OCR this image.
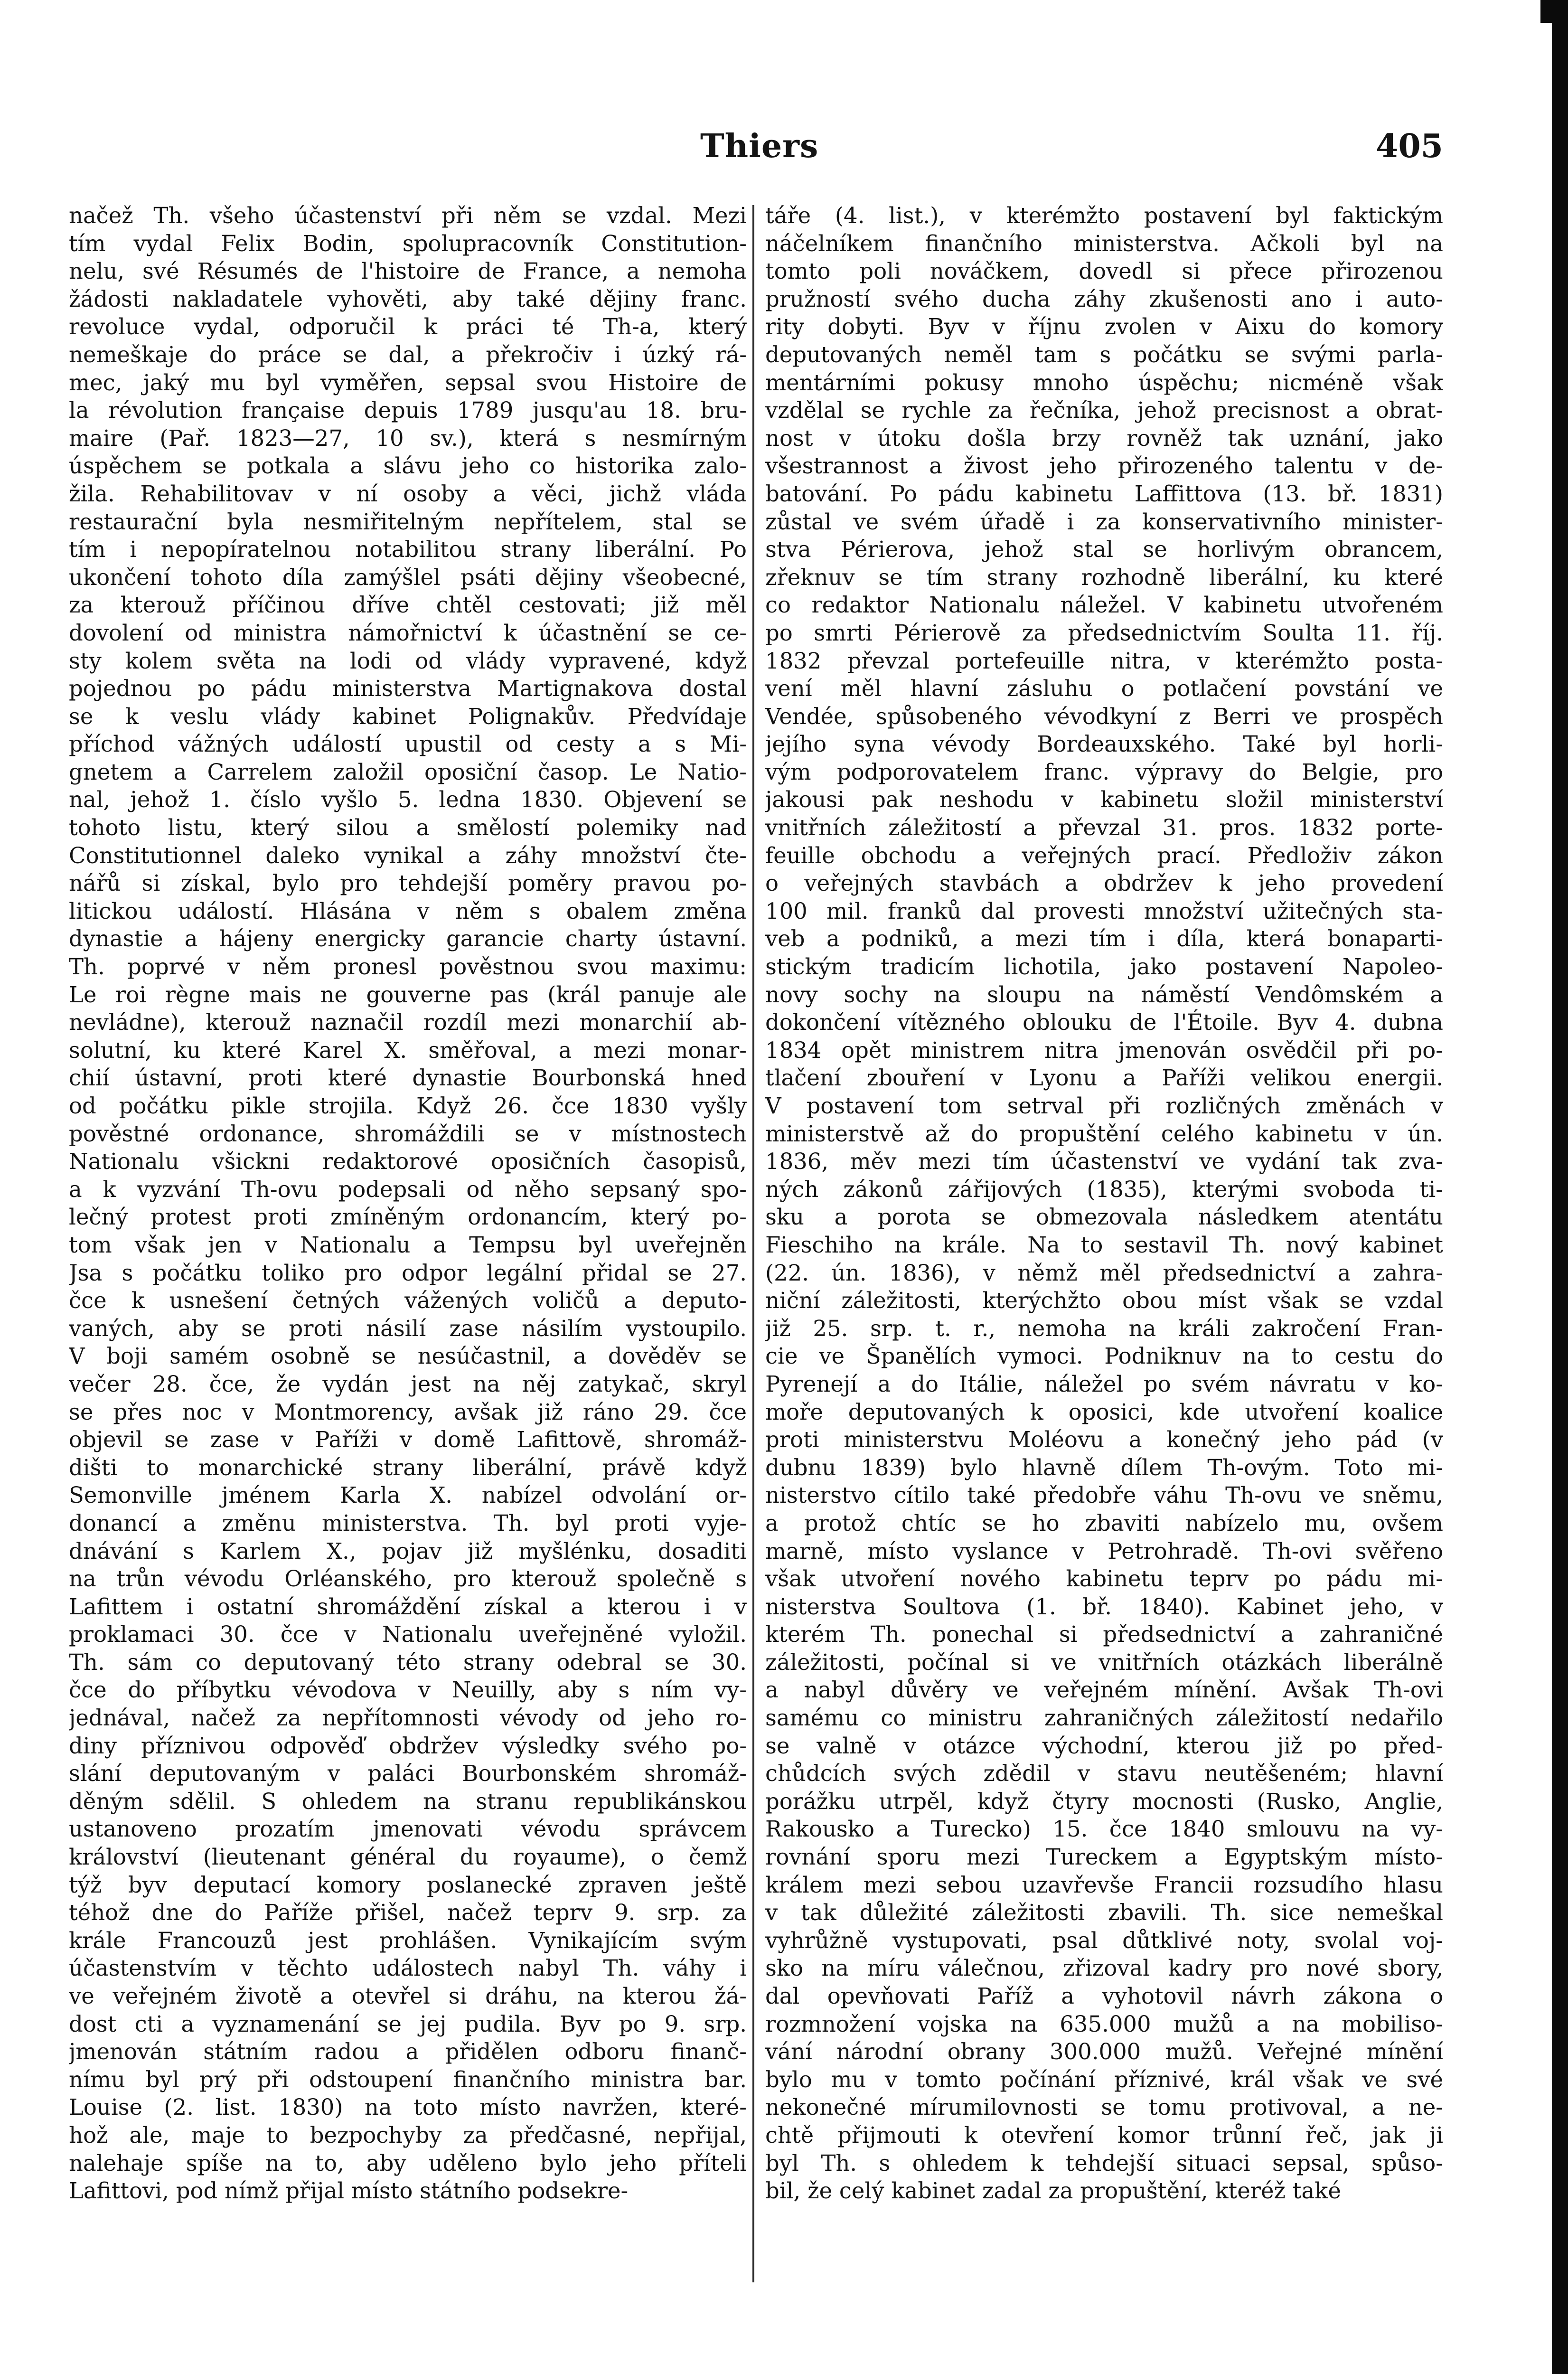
Thiers	405
načež Th. všeho účastenství při něm se vzdal. Mezi
tím vydal Felix Bodin, spolupracovník Constitution-
nelu, své Résumés de l'histoire de France, a nemoha
žádosti nakladatele vyhověti, aby také dějiny franc.
revoluce vydal, odporučil k práci té Th-a, který
nemeškaje do práce se dal, a překročiv i úzký rá-
mec, jaký mu byl vyměřen, sepsal svou Histoire de
la révolution française depuis 1789 jusqu'au 18. bru-
maire (Pař. 1823—27, 10 sv.), která s nesmírným
úspěchem se potkala a slávu jeho co historika zalo-
žila. Rehabilitovav v ní osoby a věci, jichž vláda
restaurační byla nesmiřitelným nepřítelem, stal se
tím i nepopíratelnou notabilitou strany liberální. Po
ukončení tohoto díla zamýšlel psáti dějiny všeobecné,
za kterouž příčinou dříve chtěl cestovati; již měl
dovolení od ministra námořnictví k účastnění se ce-
sty kolem světa na lodi od vlády vypravené, když
pojednou po pádu ministerstva Martignakova dostal
se k veslu vlády kabinet Polignakův. Předvídaje
příchod vážných událostí upustil od cesty a s Mi-
gnetem a Carrelem založil oposiční časop. Le Natio-
nal, jehož 1. číslo vyšlo 5. ledna 1830. Objevení se
tohoto listu, který silou a smělostí polemiky nad
Constitutionnel daleko vynikal a záhy množství čte-
nářů si získal, bylo pro tehdejší poměry pravou po-
litickou událostí. Hlásána v něm s obalem změna
dynastie a hájeny energicky garancie charty ústavní.
Th. poprvé v něm pronesl pověstnou svou maximu:
Le roi règne mais ne gouverne pas (král panuje ale
nevládne), kterouž naznačil rozdíl mezi monarchií ab-
solutní, ku které Karel X. směřoval, a mezi monar-
chií ústavní, proti které dynastie Bourbonská hned
od počátku pikle strojila. Když 26. čce 1830 vyšly
pověstné ordonance, shromáždili se v místnostech
Nationalu všickni redaktorové oposičních časopisů,
a k vyzvání Th-ovu podepsali od něho sepsaný spo-
lečný protest proti zmíněným ordonancím, který po-
tom však jen v Nationalu a Tempsu byl uveřejněn
Jsa s počátku toliko pro odpor legální přidal se 27.
čce k usnešení četných vážených voličů a deputo-
vaných, aby se proti násilí zase násilím vystoupilo.
V boji samém osobně se nesúčastnil, a dověděv se
večer 28. čce, že vydán jest na něj zatykač, skryl
se přes noc v Montmorency, avšak již ráno 29. čce
objevil se zase v Paříži v domě Lafittově, shromáž-
dišti to monarchické strany liberální, právě když
Semonville jménem Karla X. nabízel odvolání or-
donancí a změnu ministerstva. Th. byl proti vyje-
dnávání s Karlem X., pojav již myšlénku, dosaditi
na trůn vévodu Orléanského, pro kterouž společně s
Lafittem i ostatní shromáždění získal a kterou i v
proklamaci 30. čce v Nationalu uveřejněné vyložil.
Th. sám co deputovaný této strany odebral se 30.
čce do příbytku vévodova v Neuilly, aby s ním vy-
jednával, načež za nepřítomnosti vévody od jeho ro-
diny příznivou odpověď obdržev výsledky svého po-
slání deputovaným v paláci Bourbonském shromáž-
děným sdělil. S ohledem na stranu republikánskou
ustanoveno prozatím jmenovati vévodu správcem
království (lieutenant général du royaume), o čemž
týž byv deputací komory poslanecké zpraven ještě
téhož dne do Paříže přišel, načež teprv 9. srp. za
krále Francouzů jest prohlášen. Vynikajícím svým
účastenstvím v těchto událostech nabyl Th. váhy i
ve veřejném životě a otevřel si dráhu, na kterou žá-
dost cti a vyznamenání se jej pudila. Byv po 9. srp.
jmenován státním radou a přidělen odboru finanč-
nímu byl prý při odstoupení finančního ministra bar.
Louise (2. list. 1830) na toto místo navržen, které-
hož ale, maje to bezpochyby za předčasné, nepřijal,
nalehaje spíše na to, aby uděleno bylo jeho příteli
Lafittovi, pod nímž přijal místo státního podsekre-
táře (4. list.), v kterémžto postavení byl faktickým
náčelníkem finančního ministerstva. Ačkoli byl na
tomto poli nováčkem, dovedl si přece přirozenou
pružností svého ducha záhy zkušenosti ano i auto-
rity dobyti. Byv v říjnu zvolen v Aixu do komory
deputovaných neměl tam s počátku se svými parla-
mentárními pokusy mnoho úspěchu; nicméně však
vzdělal se rychle za řečníka, jehož precisnost a obrat-
nost v útoku došla brzy rovněž tak uznání, jako
všestrannost a živost jeho přirozeného talentu v de-
batování. Po pádu kabinetu Laffittova (13. bř. 1831)
zůstal ve svém úřadě i za konservativního minister-
stva Périerova, jehož stal se horlivým obrancem,
zřeknuv se tím strany rozhodně liberální, ku které
co redaktor Nationalu náležel. V kabinetu utvořeném
po smrti Périerově za předsednictvím Soulta 11. říj.
1832 převzal portefeuille nitra, v kterémžto posta-
vení měl hlavní zásluhu o potlačení povstání ve
Vendée, spůsobeného vévodkyní z Berri ve prospěch
jejího syna vévody Bordeauxského. Také byl horli-
vým podporovatelem franc. výpravy do Belgie, pro
jakousi pak neshodu v kabinetu složil ministerství
vnitřních záležitostí a převzal 31. pros. 1832 porte-
feuille obchodu a veřejných prací. Předloživ zákon
o veřejných stavbách a obdržev k jeho provedení
100 mil. franků dal provesti množství užitečných sta-
veb a podniků, a mezi tím i díla, která bonaparti-
stickým tradicím lichotila, jako postavení Napoleo-
novy sochy na sloupu na náměstí Vendômském a
dokončení vítězného oblouku de l'Étoile. Byv 4. dubna
1834 opět ministrem nitra jmenován osvědčil při po-
tlačení zbouření v Lyonu a Paříži velikou energii.
V postavení tom setrval při rozličných změnách v
ministerstvě až do propuštění celého kabinetu v ún.
1836, měv mezi tím účastenství ve vydání tak zva-
ných zákonů zářijových (1835), kterými svoboda ti-
sku a porota se obmezovala následkem atentátu
Fieschiho na krále. Na to sestavil Th. nový kabinet
(22. ún. 1836), v němž měl předsednictví a zahra-
niční záležitosti, kterýchžto obou míst však se vzdal
již 25. srp. t. r., nemoha na králi zakročení Fran-
cie ve Španělích vymoci. Podniknuv na to cestu do
Pyrenejí a do Itálie, náležel po svém návratu v ko-
moře deputovaných k oposici, kde utvoření koalice
proti ministerstvu Moléovu a konečný jeho pád (v
dubnu 1839) bylo hlavně dílem Th-ovým. Toto mi-
nisterstvo cítilo také předobře váhu Th-ovu ve sněmu,
a protož chtíc se ho zbaviti nabízelo mu, ovšem
marně, místo vyslance v Petrohradě. Th-ovi svěřeno
však utvoření nového kabinetu teprv po pádu mi-
nisterstva Soultova (1. bř. 1840). Kabinet jeho, v
kterém Th. ponechal si předsednictví a zahraničné
záležitosti, počínal si ve vnitřních otázkách liberálně
a nabyl důvěry ve veřejném mínění. Avšak Th-ovi
samému co ministru zahraničných záležitostí nedařilo
se valně v otázce východní, kterou již po před-
chůdcích svých zdědil v stavu neutěšeném; hlavní
porážku utrpěl, když čtyry mocnosti (Rusko, Anglie,
Rakousko a Turecko) 15. čce 1840 smlouvu na vy-
rovnání sporu mezi Tureckem a Egyptským místo-
králem mezi sebou uzavřevše Francii rozsudího hlasu
v tak důležité záležitosti zbavili. Th. sice nemeškal
vyhrůžně vystupovati, psal důtklivé noty, svolal voj-
sko na míru válečnou, zřizoval kadry pro nové sbory,
dal opevňovati Paříž a vyhotovil návrh zákona o
rozmnožení vojska na 635.000 mužů a na mobiliso-
vání národní obrany 300.000 mužů. Veřejné mínění
bylo mu v tomto počínání příznivé, král však ve své
nekonečné mírumilovnosti se tomu protivoval, a ne-
chtě přijmouti k otevření komor trůnní řeč, jak ji
byl Th. s ohledem k tehdejší situaci sepsal, spůso-
bil, že celý kabinet zadal za propuštění, kteréž také
